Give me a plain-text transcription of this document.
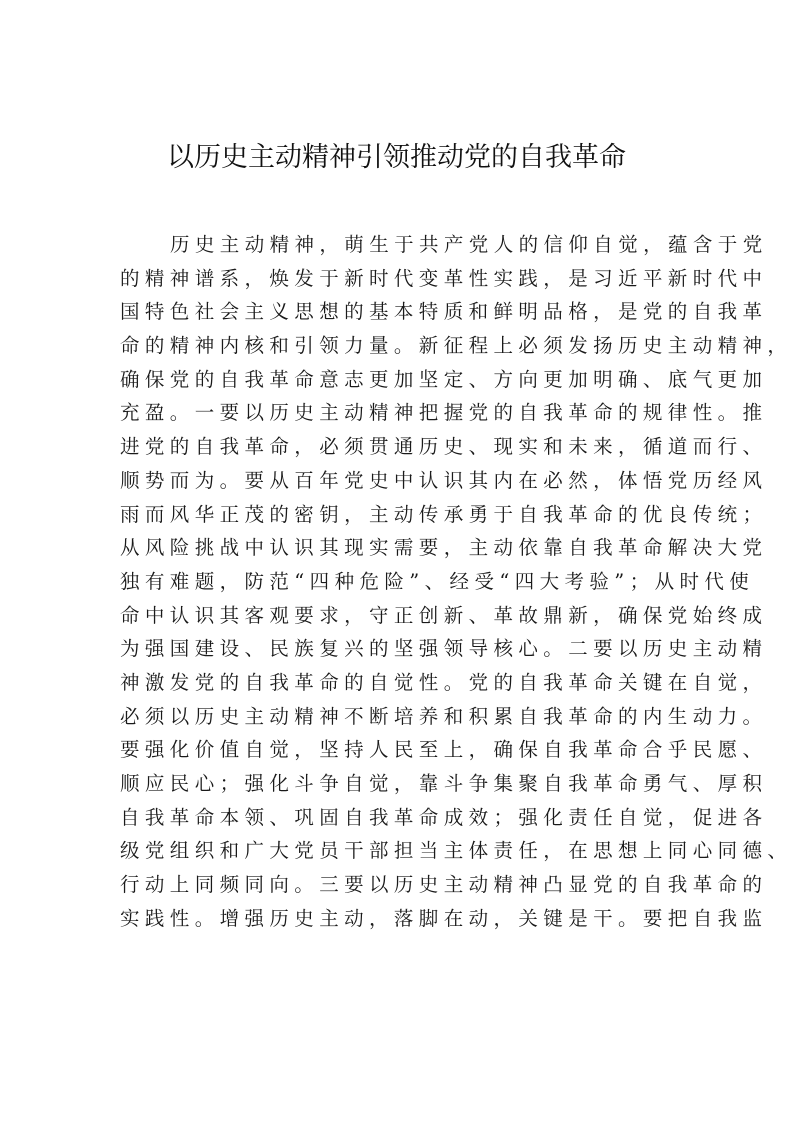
以历史主动精神引领推动党的自我革命
历史主动精神，萌生于共产党人的信仰自觉，蕴含于党
的精神谱系，焕发于新时代变革性实践，是习近平新时代中
国特色社会主义思想的基本特质和鲜明品格，是党的自我革
命的精神内核和引领力量。新征程上必须发扬历史主动精神，
确保党的自我革命意志更加坚定、方向更加明确、底气更加
充盈。一要以历史主动精神把握党的自我革命的规律性。推
进党的自我革命，必须贯通历史、现实和未来，循道而行、
顺势而为。要从百年党史中认识其内在必然，体悟党历经风
雨而风华正茂的密钥，主动传承勇于自我革命的优良传统；
从风险挑战中认识其现实需要，主动依靠自我革命解决大党
独有难题，防范“四种危险”、经受“四大考验”；从时代使
命中认识其客观要求，守正创新、革故鼎新，确保党始终成
为强国建设、民族复兴的坚强领导核心。二要以历史主动精
神激发党的自我革命的自觉性。党的自我革命关键在自觉，
必须以历史主动精神不断培养和积累自我革命的内生动力。
要强化价值自觉，坚持人民至上，确保自我革命合乎民愿、
顺应民心；强化斗争自觉，靠斗争集聚自我革命勇气、厚积
自我革命本领、巩固自我革命成效；强化责任自觉，促进各
级党组织和广大党员干部担当主体责任，在思想上同心同德、
行动上同频同向。三要以历史主动精神凸显党的自我革命的
实践性。增强历史主动，落脚在动，关键是干。要把自我监
